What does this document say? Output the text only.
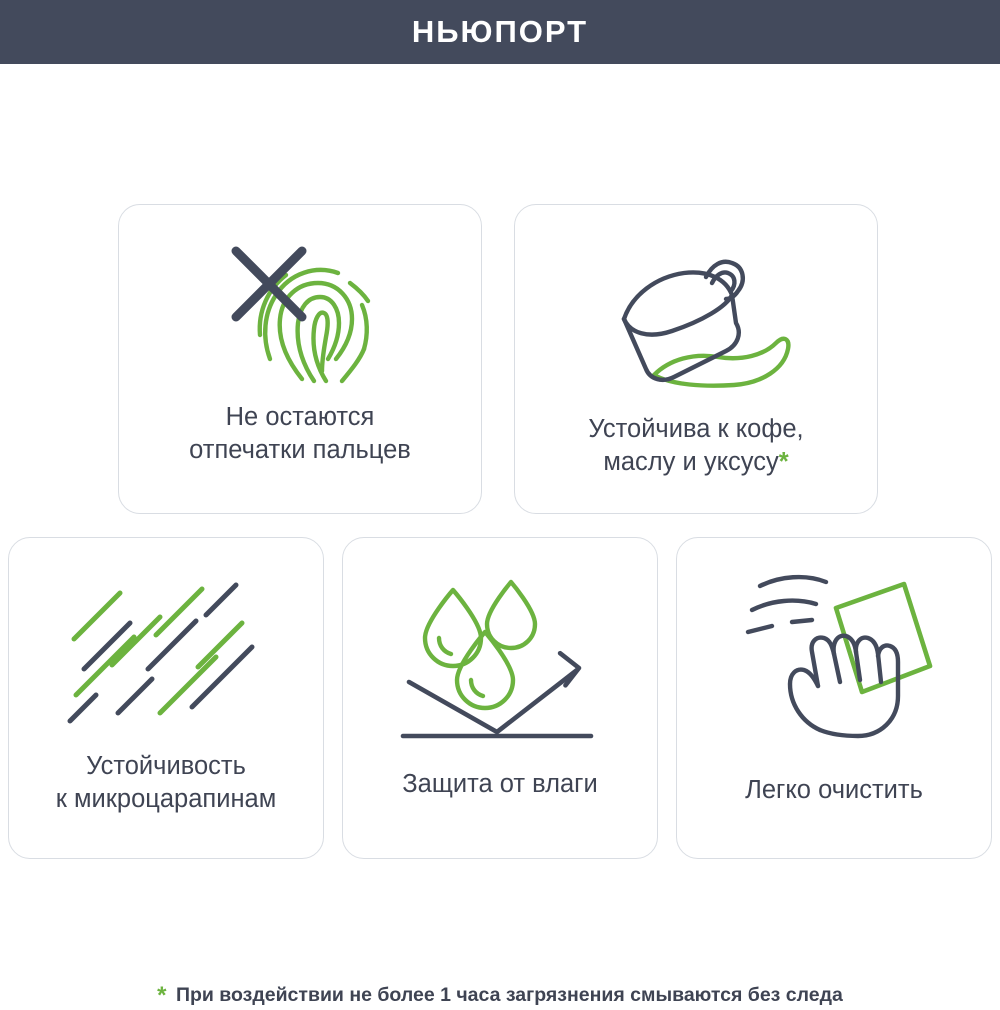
НЬЮПОРТ
Не остаются
отпечатки пальцев
Устойчива к кофе,
маслу и уксусу*
Устойчивость
к микроцарапинам
Защита от влаги	Легко очистить
* При воздействии не более 1 часа загрязнения смываются без следа
